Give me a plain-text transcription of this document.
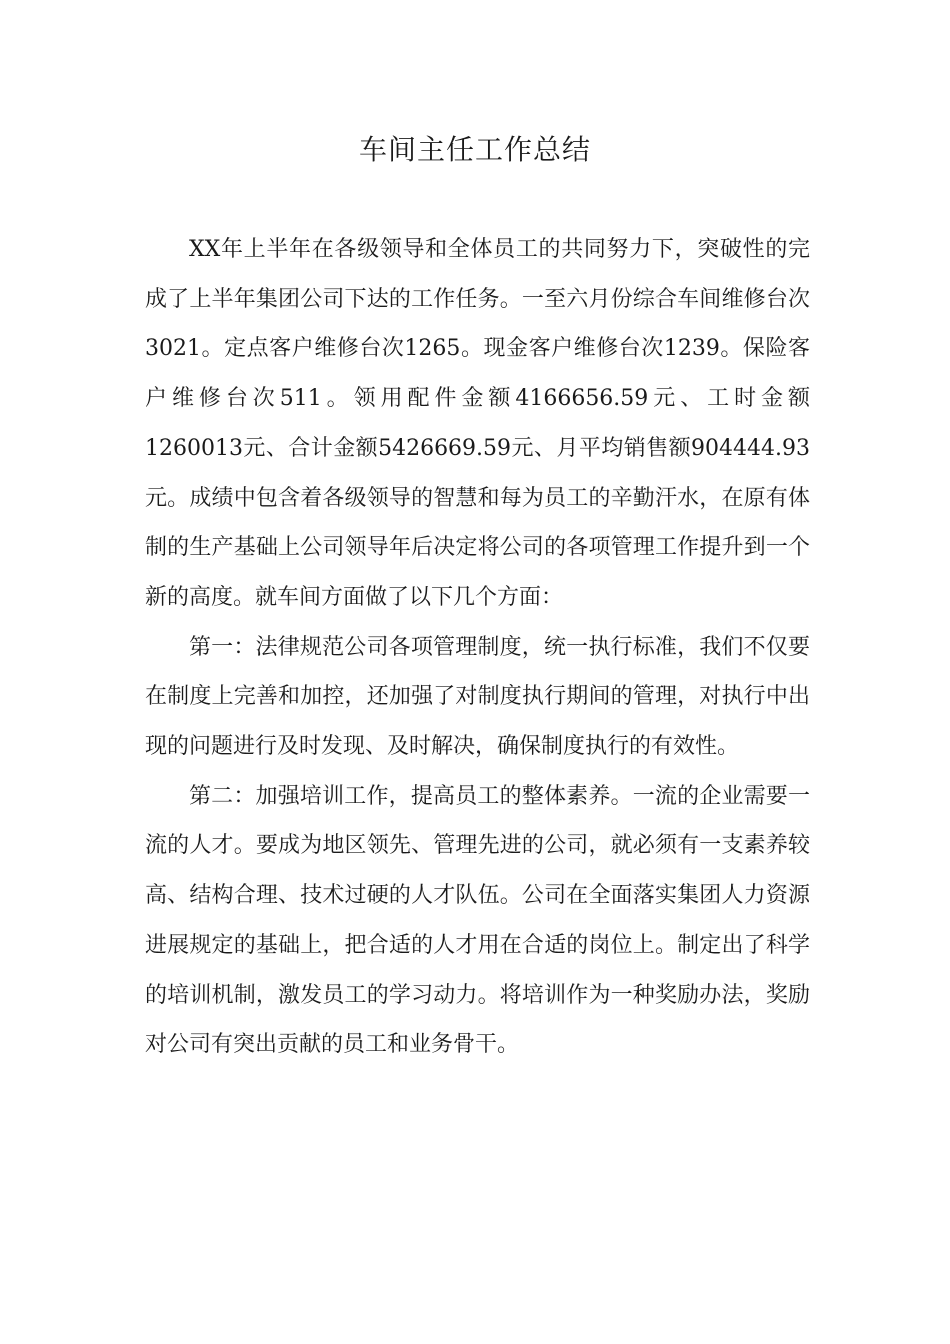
车间主任工作总结

XX年上半年在各级领导和全体员工的共同努力下，突破性的完成了上半年集团公司下达的工作任务。一至六月份综合车间维修台次3021。定点客户维修台次1265。现金客户维修台次1239。保险客户维修台次511。领用配件金额4166656.59元、工时金额1260013元、合计金额5426669.59元、月平均销售额904444.93元。成绩中包含着各级领导的智慧和每为员工的辛勤汗水，在原有体制的生产基础上公司领导年后决定将公司的各项管理工作提升到一个新的高度。就车间方面做了以下几个方面：

第一：法律规范公司各项管理制度，统一执行标准，我们不仅要在制度上完善和加控，还加强了对制度执行期间的管理，对执行中出现的问题进行及时发现、及时解决，确保制度执行的有效性。

第二：加强培训工作，提高员工的整体素养。一流的企业需要一流的人才。要成为地区领先、管理先进的公司，就必须有一支素养较高、结构合理、技术过硬的人才队伍。公司在全面落实集团人力资源进展规定的基础上，把合适的人才用在合适的岗位上。制定出了科学的培训机制，激发员工的学习动力。将培训作为一种奖励办法，奖励对公司有突出贡献的员工和业务骨干。
